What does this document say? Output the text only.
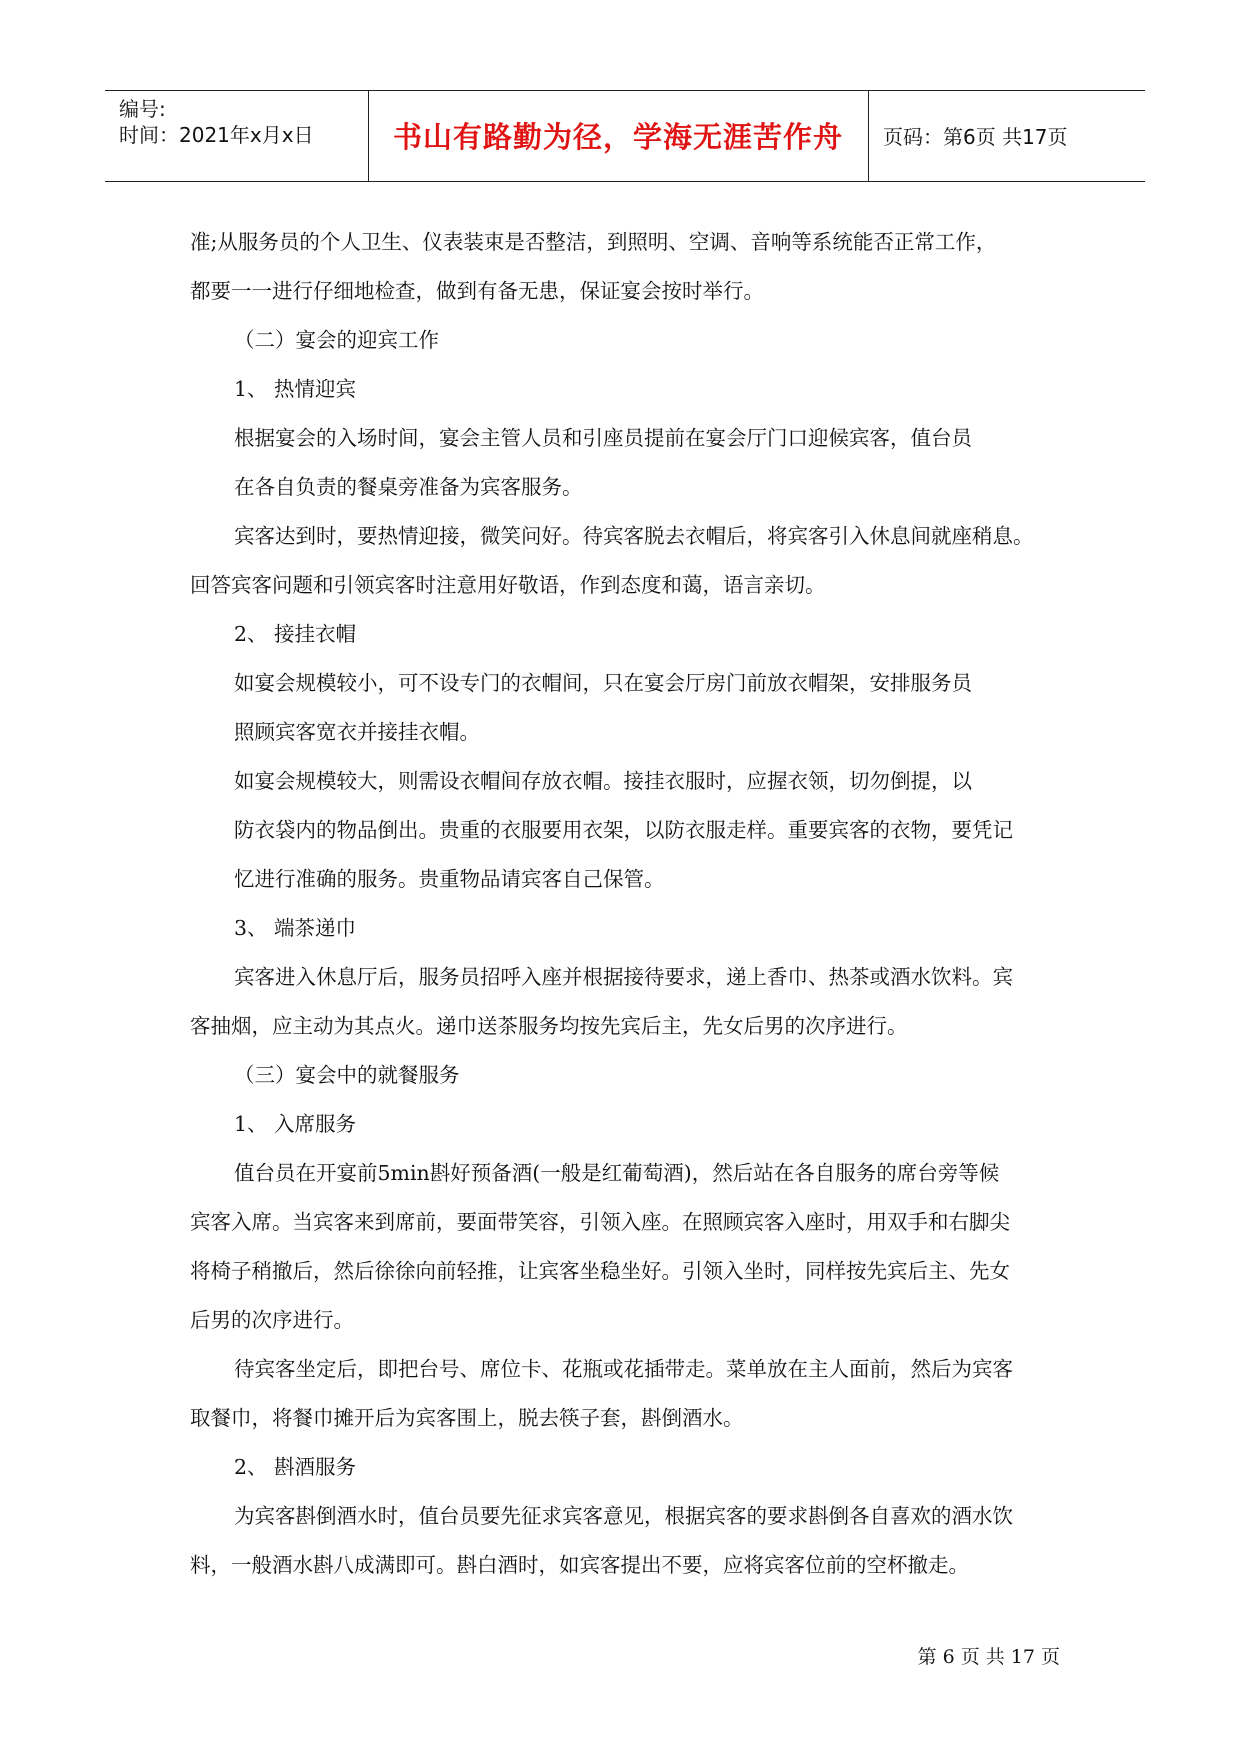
编号:
时间：2021年x月x日	书山有路勤为径，学海无涯苦作舟	页码：第6页 共17页

准;从服务员的个人卫生、仪表装束是否整洁，到照明、空调、音响等系统能否正常工作，

都要一一进行仔细地检查，做到有备无患，保证宴会按时举行。

（二）宴会的迎宾工作

1、 热情迎宾

根据宴会的入场时间，宴会主管人员和引座员提前在宴会厅门口迎候宾客，值台员

在各自负责的餐桌旁准备为宾客服务。

宾客达到时，要热情迎接，微笑问好。待宾客脱去衣帽后，将宾客引入休息间就座稍息。

回答宾客问题和引领宾客时注意用好敬语，作到态度和蔼，语言亲切。

2、 接挂衣帽

如宴会规模较小，可不设专门的衣帽间，只在宴会厅房门前放衣帽架，安排服务员

照顾宾客宽衣并接挂衣帽。

如宴会规模较大，则需设衣帽间存放衣帽。接挂衣服时，应握衣领，切勿倒提，以

防衣袋内的物品倒出。贵重的衣服要用衣架，以防衣服走样。重要宾客的衣物，要凭记

忆进行准确的服务。贵重物品请宾客自己保管。

3、 端茶递巾

宾客进入休息厅后，服务员招呼入座并根据接待要求，递上香巾、热茶或酒水饮料。宾

客抽烟，应主动为其点火。递巾送茶服务均按先宾后主，先女后男的次序进行。

（三）宴会中的就餐服务

1、 入席服务

值台员在开宴前5min斟好预备酒(一般是红葡萄酒)，然后站在各自服务的席台旁等候

宾客入席。当宾客来到席前，要面带笑容，引领入座。在照顾宾客入座时，用双手和右脚尖

将椅子稍撤后，然后徐徐向前轻推，让宾客坐稳坐好。引领入坐时，同样按先宾后主、先女

后男的次序进行。

待宾客坐定后，即把台号、席位卡、花瓶或花插带走。菜单放在主人面前，然后为宾客

取餐巾，将餐巾摊开后为宾客围上，脱去筷子套，斟倒酒水。

2、 斟酒服务

为宾客斟倒酒水时，值台员要先征求宾客意见，根据宾客的要求斟倒各自喜欢的酒水饮

料，一般酒水斟八成满即可。斟白酒时，如宾客提出不要，应将宾客位前的空杯撤走。

第 6 页 共 17 页
